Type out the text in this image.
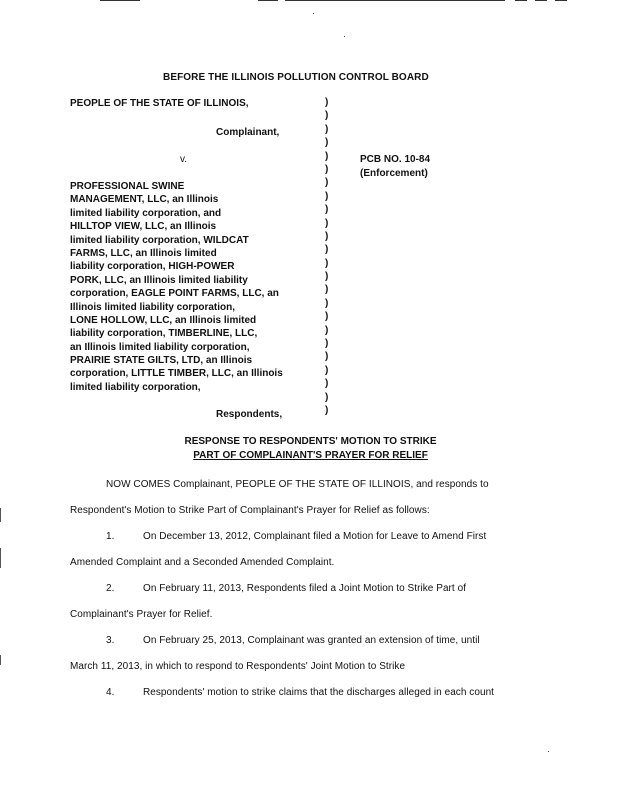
BEFORE THE ILLINOIS POLLUTION CONTROL BOARD
PEOPLE OF THE STATE OF ILLINOIS,
Complainant,
v.
PROFESSIONAL SWINE
MANAGEMENT, LLC, an Illinois
limited liability corporation, and
HILLTOP VIEW, LLC, an Illinois
limited liability corporation, WILDCAT
FARMS, LLC, an Illinois limited
liability corporation, HIGH-POWER
PORK, LLC, an Illinois limited liability
corporation, EAGLE POINT FARMS, LLC, an
Illinois limited liability corporation,
LONE HOLLOW, LLC, an Illinois limited
liability corporation, TIMBERLINE, LLC,
an Illinois limited liability corporation,
PRAIRIE STATE GILTS, LTD, an Illinois
corporation, LITTLE TIMBER, LLC, an Illinois
limited liability corporation,
Respondents,
PCB NO. 10-84
(Enforcement)
)
)
)
)
)
)
)
)
)
)
)
)
)
)
)
)
)
)
)
)
)
)
)
)
RESPONSE TO RESPONDENTS' MOTION TO STRIKE
PART OF COMPLAINANT'S PRAYER FOR RELIEF
NOW COMES Complainant, PEOPLE OF THE STATE OF ILLINOIS, and responds to
Respondent's Motion to Strike Part of Complainant's Prayer for Relief as follows:
1.	On December 13, 2012, Complainant filed a Motion for Leave to Amend First
Amended Complaint and a Seconded Amended Complaint.
2.	On February 11, 2013, Respondents filed a Joint Motion to Strike Part of
Complainant's Prayer for Relief.
3.	On February 25, 2013, Complainant was granted an extension of time, until
March 11, 2013, in which to respond to Respondents' Joint Motion to Strike
4.	Respondents' motion to strike claims that the discharges alleged in each count
